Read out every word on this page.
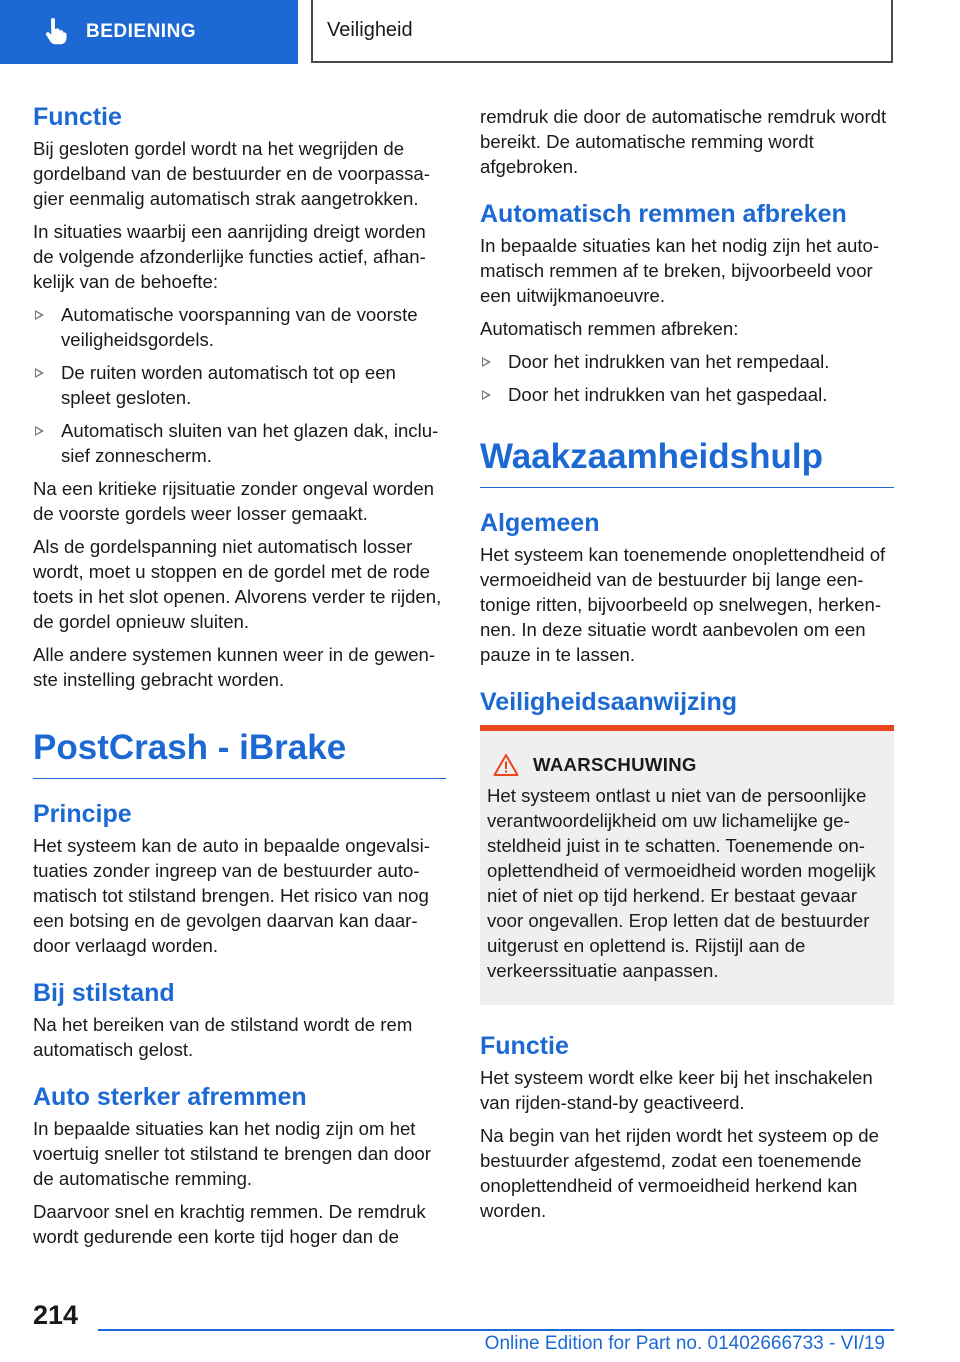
BEDIENING	Veiligheid
Functie

Bij gesloten gordel wordt na het wegrijden de gordelband van de bestuurder en de voorpassagier eenmalig automatisch strak aangetrokken.

In situaties waarbij een aanrijding dreigt worden de volgende afzonderlijke functies actief, afhankelijk van de behoefte:

Automatische voorspanning van de voorste veiligheidsgordels.
De ruiten worden automatisch tot op een spleet gesloten.
Automatisch sluiten van het glazen dak, inclusief zonnescherm.

Na een kritieke rijsituatie zonder ongeval worden de voorste gordels weer losser gemaakt.

Als de gordelspanning niet automatisch losser wordt, moet u stoppen en de gordel met de rode toets in het slot openen. Alvorens verder te rijden, de gordel opnieuw sluiten.

Alle andere systemen kunnen weer in de gewenste instelling gebracht worden.

PostCrash - iBrake
Principe

Het systeem kan de auto in bepaalde ongevalsituaties zonder ingreep van de bestuurder automatisch tot stilstand brengen. Het risico van nog een botsing en de gevolgen daarvan kan daardoor verlaagd worden.

Bij stilstand

Na het bereiken van de stilstand wordt de rem automatisch gelost.

Auto sterker afremmen

In bepaalde situaties kan het nodig zijn om het voertuig sneller tot stilstand te brengen dan door de automatische remming.

Daarvoor snel en krachtig remmen. De remdruk wordt gedurende een korte tijd hoger dan de

remdruk die door de automatische remdruk wordt bereikt. De automatische remming wordt afgebroken.

Automatisch remmen afbreken

In bepaalde situaties kan het nodig zijn het automatisch remmen af te breken, bijvoorbeeld voor een uitwijkmanoeuvre.

Automatisch remmen afbreken:

Door het indrukken van het rempedaal.
Door het indrukken van het gaspedaal.
Waakzaamheidshulp
Algemeen

Het systeem kan toenemende onoplettendheid of vermoeidheid van de bestuurder bij lange eentonige ritten, bijvoorbeeld op snelwegen, herkennen. In deze situatie wordt aanbevolen om een pauze in te lassen.

Veiligheidsaanwijzing
WAARSCHUWING

Het systeem ontlast u niet van de persoonlijke verantwoordelijkheid om uw lichamelijke gesteldheid juist in te schatten. Toenemende onoplettendheid of vermoeidheid worden mogelijk niet of niet op tijd herkend. Er bestaat gevaar voor ongevallen. Erop letten dat de bestuurder uitgerust en oplettend is. Rijstijl aan de verkeerssituatie aanpassen.

Functie

Het systeem wordt elke keer bij het inschakelen van rijden-stand-by geactiveerd.

Na begin van het rijden wordt het systeem op de bestuurder afgestemd, zodat een toenemende onoplettendheid of vermoeidheid herkend kan worden.

214
Online Edition for Part no. 01402666733 - VI/19
